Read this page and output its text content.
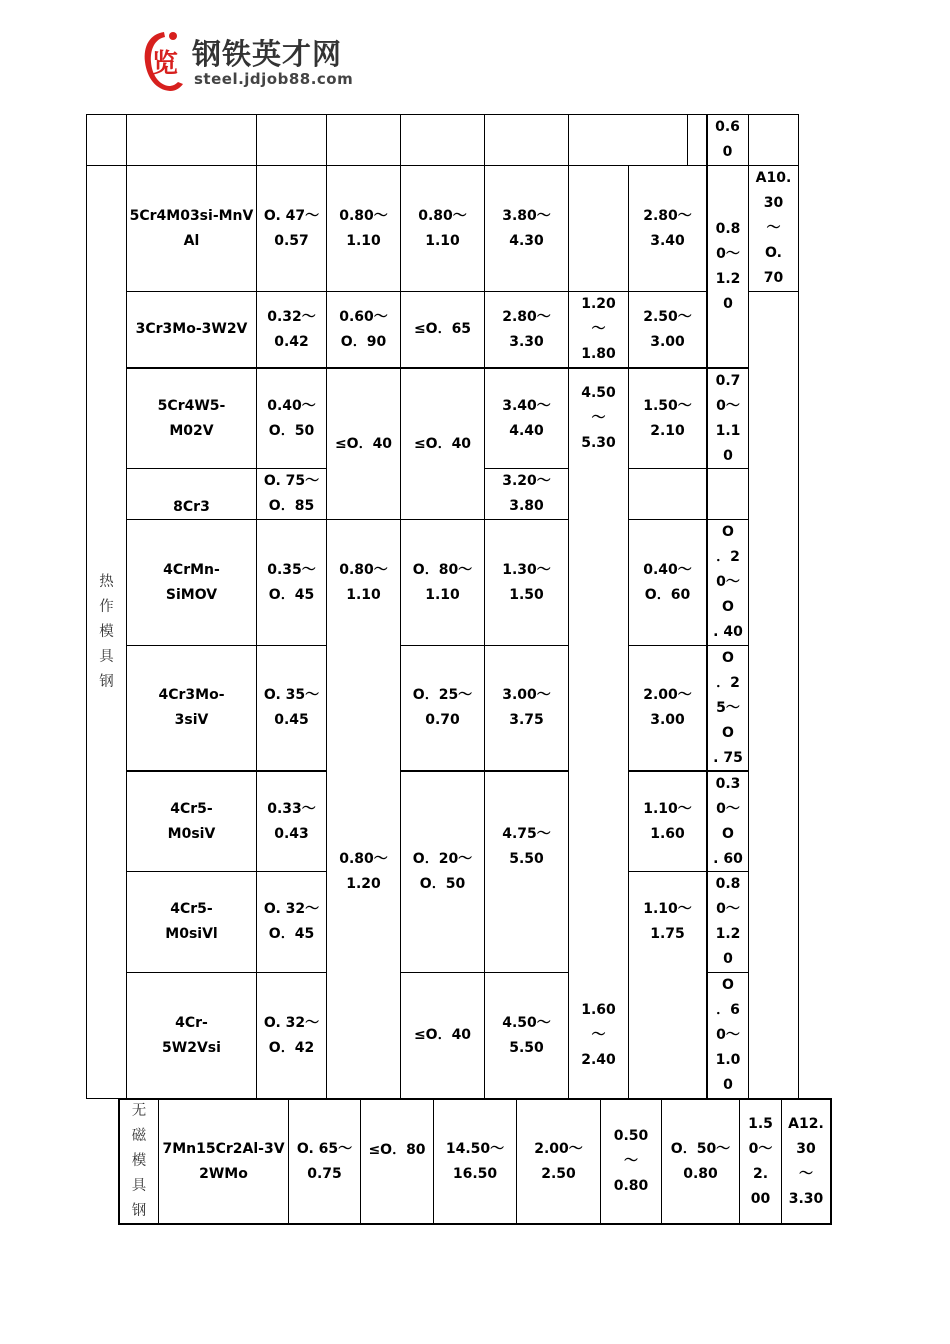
览 钢铁英才网
steel.jdjob88.com
0.6
0
热
作
模
具
钢
5Cr4M03si-MnV
Al
O. 47～
0.57
0.80～
1.10
0.80～
1.10
3.80～
4.30
2.80～
3.40
0.8
0～
1.2
0
A10.
30
～
O.
70
3Cr3Mo-3W2V
0.32～
0.42
0.60～
O．90
≤O．65
2.80～
3.30
1.20
～
1.80
2.50～
3.00
5Cr4W5-
M02V
0.40～
O．50
≤O．40	≤O．40
3.40～
4.40
4.50
～
5.30
1.50～
2.10
0.7
0～
1.1
0
8Cr3
O. 75～
O．85
3.20～
3.80
4CrMn-
SiMOV
0.35～
O．45
0.80～
1.10
O．80～
1.10
1.30～
1.50
0.40～
O．60
O
．2
0～
O
. 40
4Cr3Mo-
3siV
O. 35～
0.45
0.80～
1.20
O．25～
0.70
3.00～
3.75
2.00～
3.00
O
．2
5～
O
. 75
4Cr5-
M0siV
0.33～
0.43
O．20～
O．50
4.75～
5.50
1.10～
1.60
0.3
0～
O
. 60
4Cr5-
M0siVl
O. 32～
O．45
1.10～
1.75
0.8
0～
1.2
0
4Cr-
5W2Vsi
O. 32～
O．42
≤O．40
4.50～
5.50
1.60
～
2.40
O
．6
0～
1.0
0
无
磁
模
具
钢
7Mn15Cr2Al-3V
2WMo
O. 65～
0.75
≤O．80	14.50～
16.50
2.00～
2.50
0.50
～
0.80
O．50～
0.80
1.5
0～
2.
00
A12.
30
～
3.30
